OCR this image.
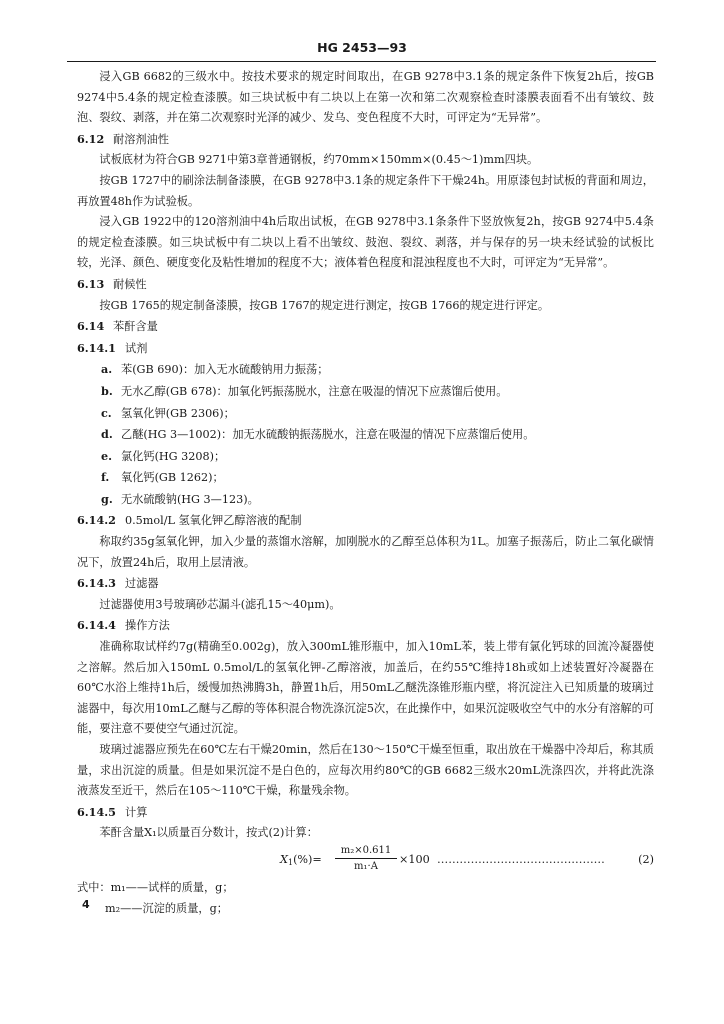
HG 2453—93

浸入GB 6682的三级水中。按技术要求的规定时间取出，在GB 9278中3.1条的规定条件下恢复2h后，按GB 9274中5.4条的规定检查漆膜。如三块试板中有二块以上在第一次和第二次观察检查时漆膜表面看不出有皱纹、鼓泡、裂纹、剥落，并在第二次观察时光泽的减少、发乌、变色程度不大时，可评定为“无异常”。

6.12 耐溶剂油性

试板底材为符合GB 9271中第3章普通钢板，约70mm×150mm×(0.45～1)mm四块。

按GB 1727中的刷涂法制备漆膜，在GB 9278中3.1条的规定条件下干燥24h。用原漆包封试板的背面和周边，再放置48h作为试验板。

浸入GB 1922中的120溶剂油中4h后取出试板，在GB 9278中3.1条条件下竖放恢复2h，按GB 9274中5.4条的规定检查漆膜。如三块试板中有二块以上看不出皱纹、鼓泡、裂纹、剥落，并与保存的另一块未经试验的试板比较，光泽、颜色、硬度变化及粘性增加的程度不大；液体着色程度和混浊程度也不大时，可评定为“无异常”。

6.13 耐候性

按GB 1765的规定制备漆膜，按GB 1767的规定进行测定，按GB 1766的规定进行评定。

6.14 苯酐含量

6.14.1 试剂

a. 苯(GB 690)：加入无水硫酸钠用力振荡；

b. 无水乙醇(GB 678)：加氧化钙振荡脱水，注意在吸湿的情况下应蒸馏后使用。

c. 氢氧化钾(GB 2306)；

d. 乙醚(HG 3—1002)：加无水硫酸钠振荡脱水，注意在吸湿的情况下应蒸馏后使用。

e. 氯化钙(HG 3208)；

f. 氧化钙(GB 1262)；

g. 无水硫酸钠(HG 3—123)。

6.14.2 0.5mol/L 氢氧化钾乙醇溶液的配制

称取约35g氢氧化钾，加入少量的蒸馏水溶解，加刚脱水的乙醇至总体积为1L。加塞子振荡后，防止二氧化碳情况下，放置24h后，取用上层清液。

6.14.3 过滤器

过滤器使用3号玻璃砂芯漏斗(滤孔15～40μm)。

6.14.4 操作方法

准确称取试样约7g(精确至0.002g)，放入300mL锥形瓶中，加入10mL苯，装上带有氯化钙球的回流冷凝器使之溶解。然后加入150mL 0.5mol/L的氢氧化钾-乙醇溶液，加盖后，在约55℃维持18h或如上述装置好冷凝器在60℃水浴上维持1h后，缓慢加热沸腾3h，静置1h后，用50mL乙醚洗涤锥形瓶内壁，将沉淀注入已知质量的玻璃过滤器中，每次用10mL乙醚与乙醇的等体积混合物洗涤沉淀5次，在此操作中，如果沉淀吸收空气中的水分有溶解的可能，要注意不要使空气通过沉淀。

玻璃过滤器应预先在60℃左右干燥20min，然后在130～150℃干燥至恒重，取出放在干燥器中冷却后，称其质量，求出沉淀的质量。但是如果沉淀不是白色的，应每次用约80℃的GB 6682三级水20mL洗涤四次，并将此洗涤液蒸发至近干，然后在105～110℃干燥，称量残余物。

6.14.5 计算

苯酐含量X₁以质量百分数计，按式(2)计算：

$X_1(\%)= \frac{\text{m₂×0.611}}{\text{m₁·A}} \times 100$ ………………………………………	(2)

式中：m₁——试样的质量，g；

m₂——沉淀的质量，g；

4
